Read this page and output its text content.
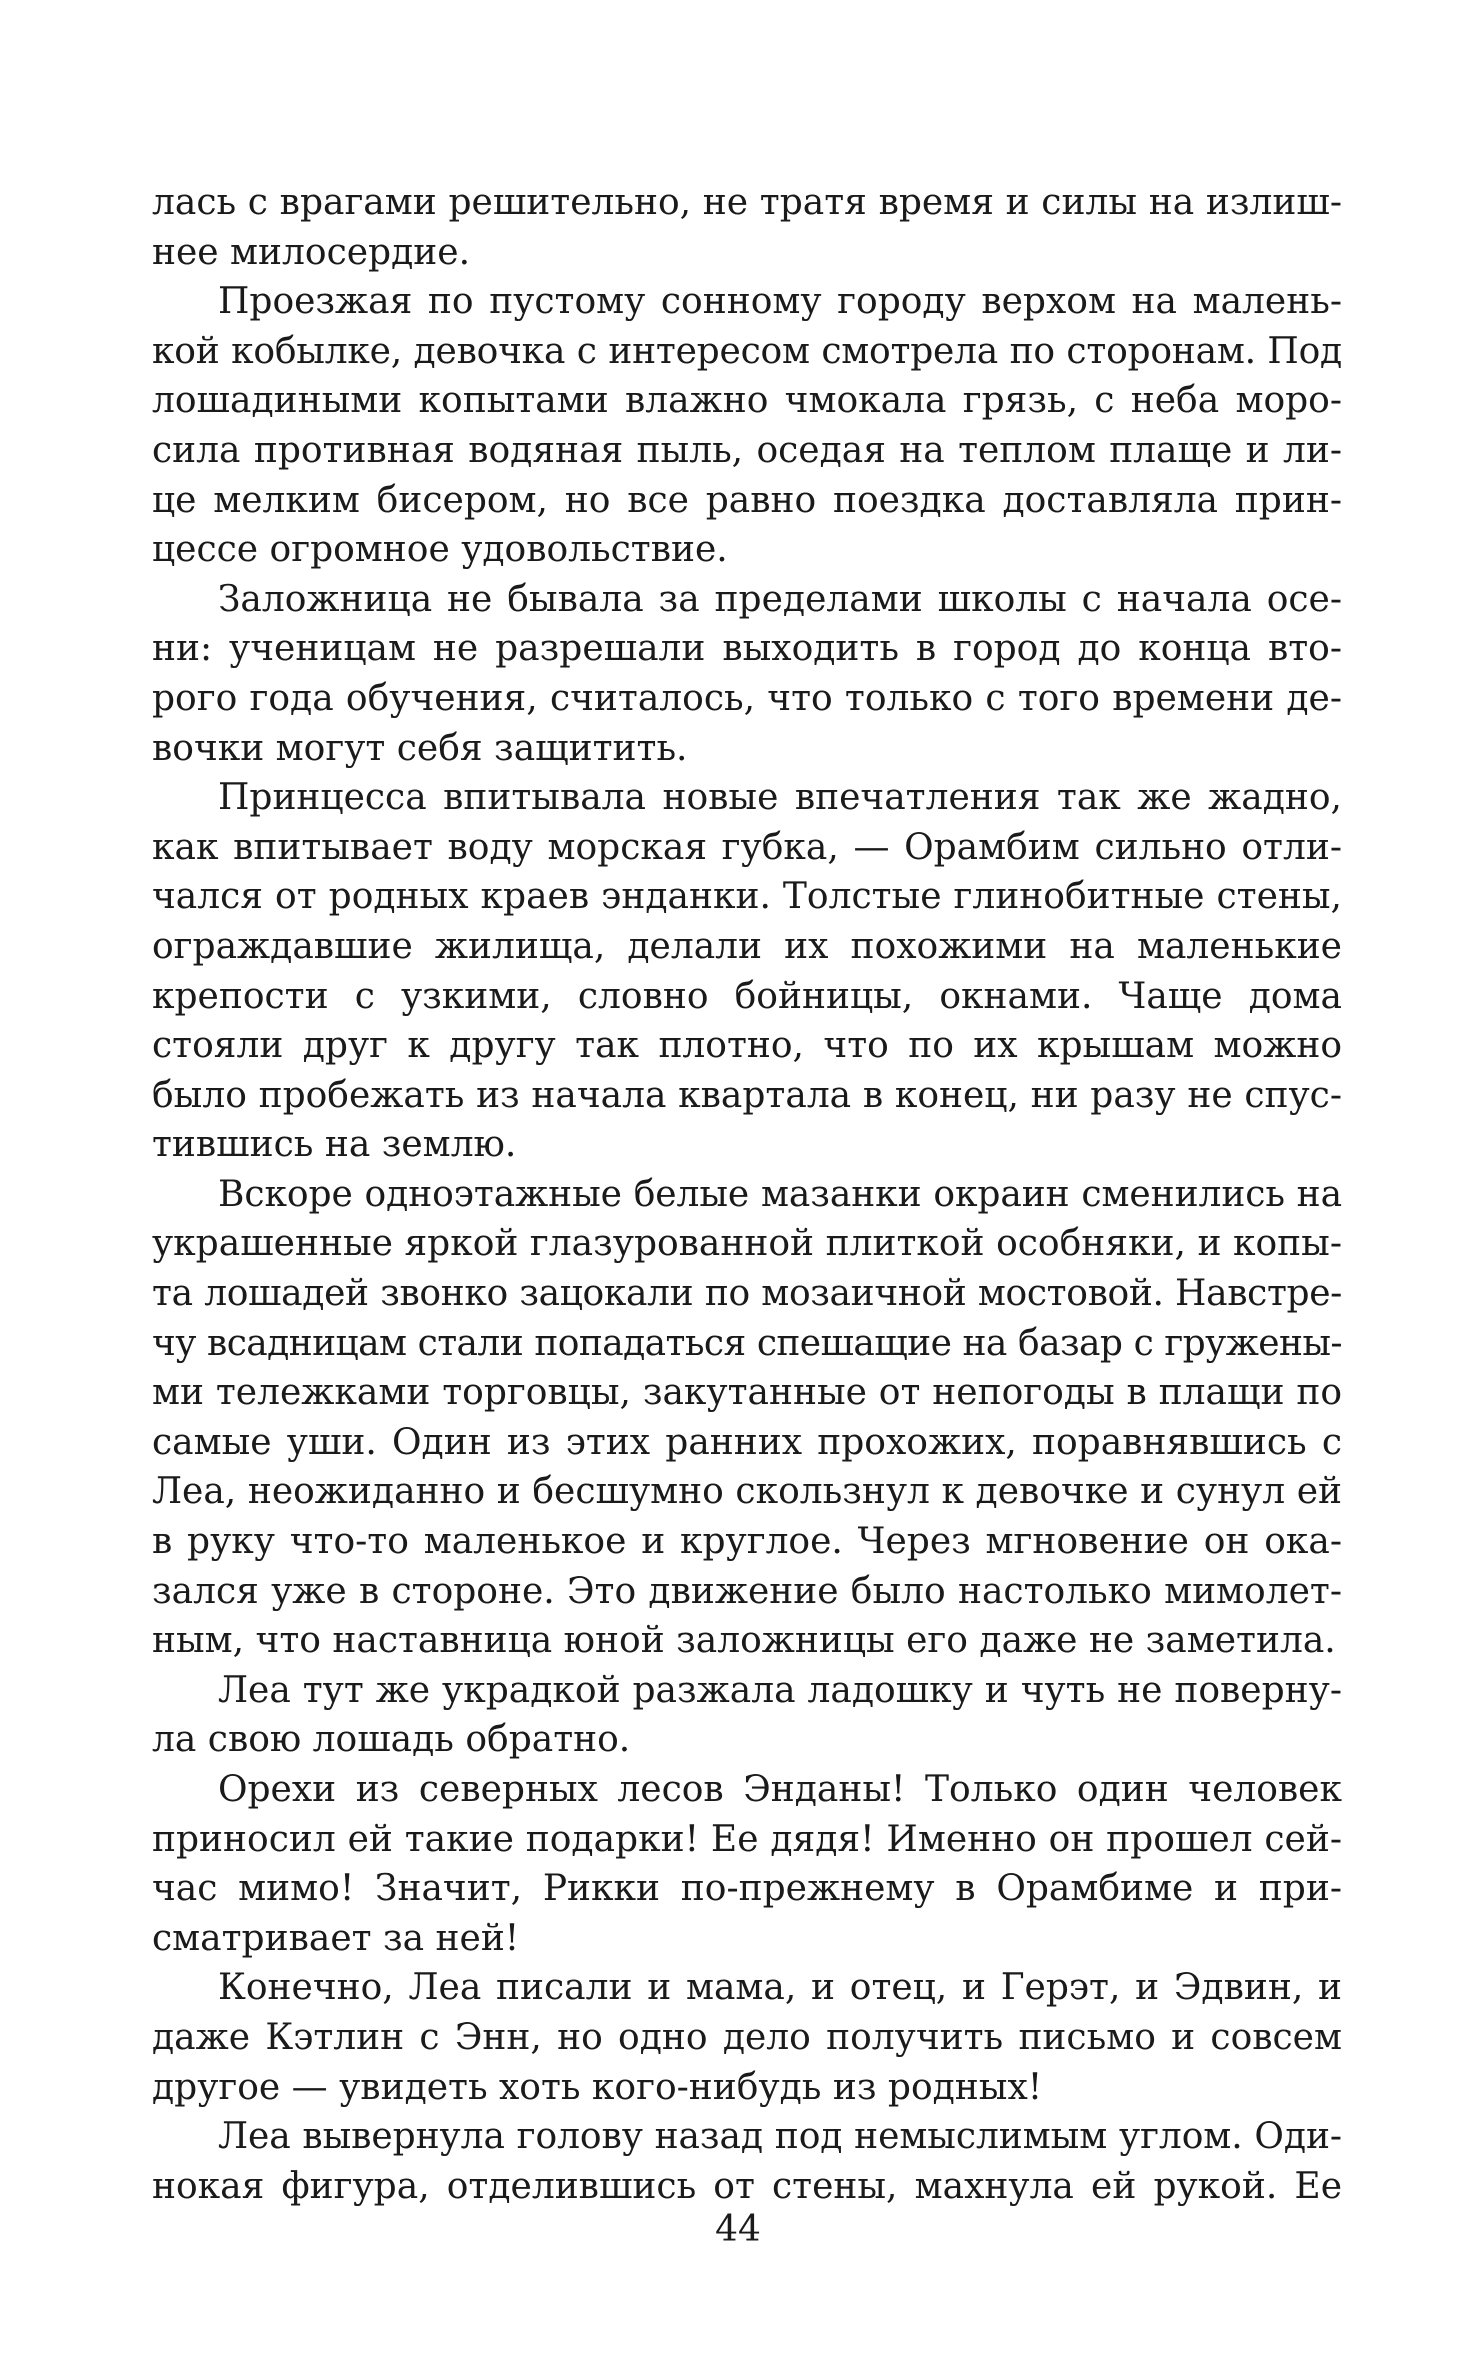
лась с врагами решительно, не тратя время и силы на излиш-
нее милосердие.
Проезжая по пустому сонному городу верхом на малень-
кой кобылке, девочка с интересом смотрела по сторонам. Под
лошадиными копытами влажно чмокала грязь, с неба моро-
сила противная водяная пыль, оседая на теплом плаще и ли-
це мелким бисером, но все равно поездка доставляла прин-
цессе огромное удовольствие.
Заложница не бывала за пределами школы с начала осе-
ни: ученицам не разрешали выходить в город до конца вто-
рого года обучения, считалось, что только с того времени де-
вочки могут себя защитить.
Принцесса впитывала новые впечатления так же жадно,
как впитывает воду морская губка, — Орамбим сильно отли-
чался от родных краев энданки. Толстые глинобитные стены,
ограждавшие жилища, делали их похожими на маленькие
крепости с узкими, словно бойницы, окнами. Чаще дома
стояли друг к другу так плотно, что по их крышам можно
было пробежать из начала квартала в конец, ни разу не спус-
тившись на землю.
Вскоре одноэтажные белые мазанки окраин сменились на
украшенные яркой глазурованной плиткой особняки, и копы-
та лошадей звонко зацокали по мозаичной мостовой. Навстре-
чу всадницам стали попадаться спешащие на базар с гружены-
ми тележками торговцы, закутанные от непогоды в плащи по
самые уши. Один из этих ранних прохожих, поравнявшись с
Леа, неожиданно и бесшумно скользнул к девочке и сунул ей
в руку что-то маленькое и круглое. Через мгновение он ока-
зался уже в стороне. Это движение было настолько мимолет-
ным, что наставница юной заложницы его даже не заметила.
Леа тут же украдкой разжала ладошку и чуть не поверну-
ла свою лошадь обратно.
Орехи из северных лесов Энданы! Только один человек
приносил ей такие подарки! Ее дядя! Именно он прошел сей-
час мимо! Значит, Рикки по-прежнему в Орамбиме и при-
сматривает за ней!
Конечно, Леа писали и мама, и отец, и Герэт, и Эдвин, и
даже Кэтлин с Энн, но одно дело получить письмо и совсем
другое — увидеть хоть кого-нибудь из родных!
Леа вывернула голову назад под немыслимым углом. Оди-
нокая фигура, отделившись от стены, махнула ей рукой. Ее
44
